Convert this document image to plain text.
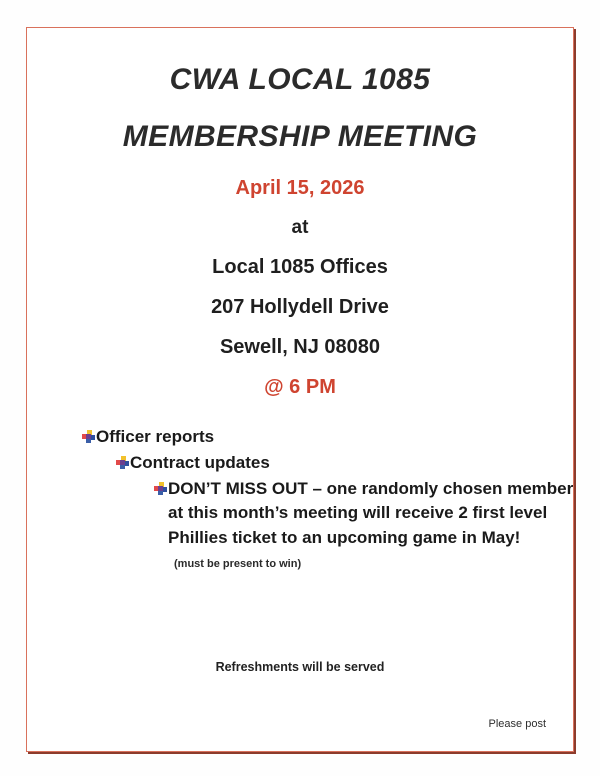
CWA LOCAL 1085
MEMBERSHIP MEETING
April 15, 2026
at
Local 1085 Offices
207 Hollydell Drive
Sewell, NJ 08080
@ 6 PM
Officer reports
Contract updates
DON’T MISS OUT – one randomly chosen member at this month’s meeting will receive 2 first level Phillies ticket to an upcoming game in May!(must be present to win)
Refreshments will be served
Please post
